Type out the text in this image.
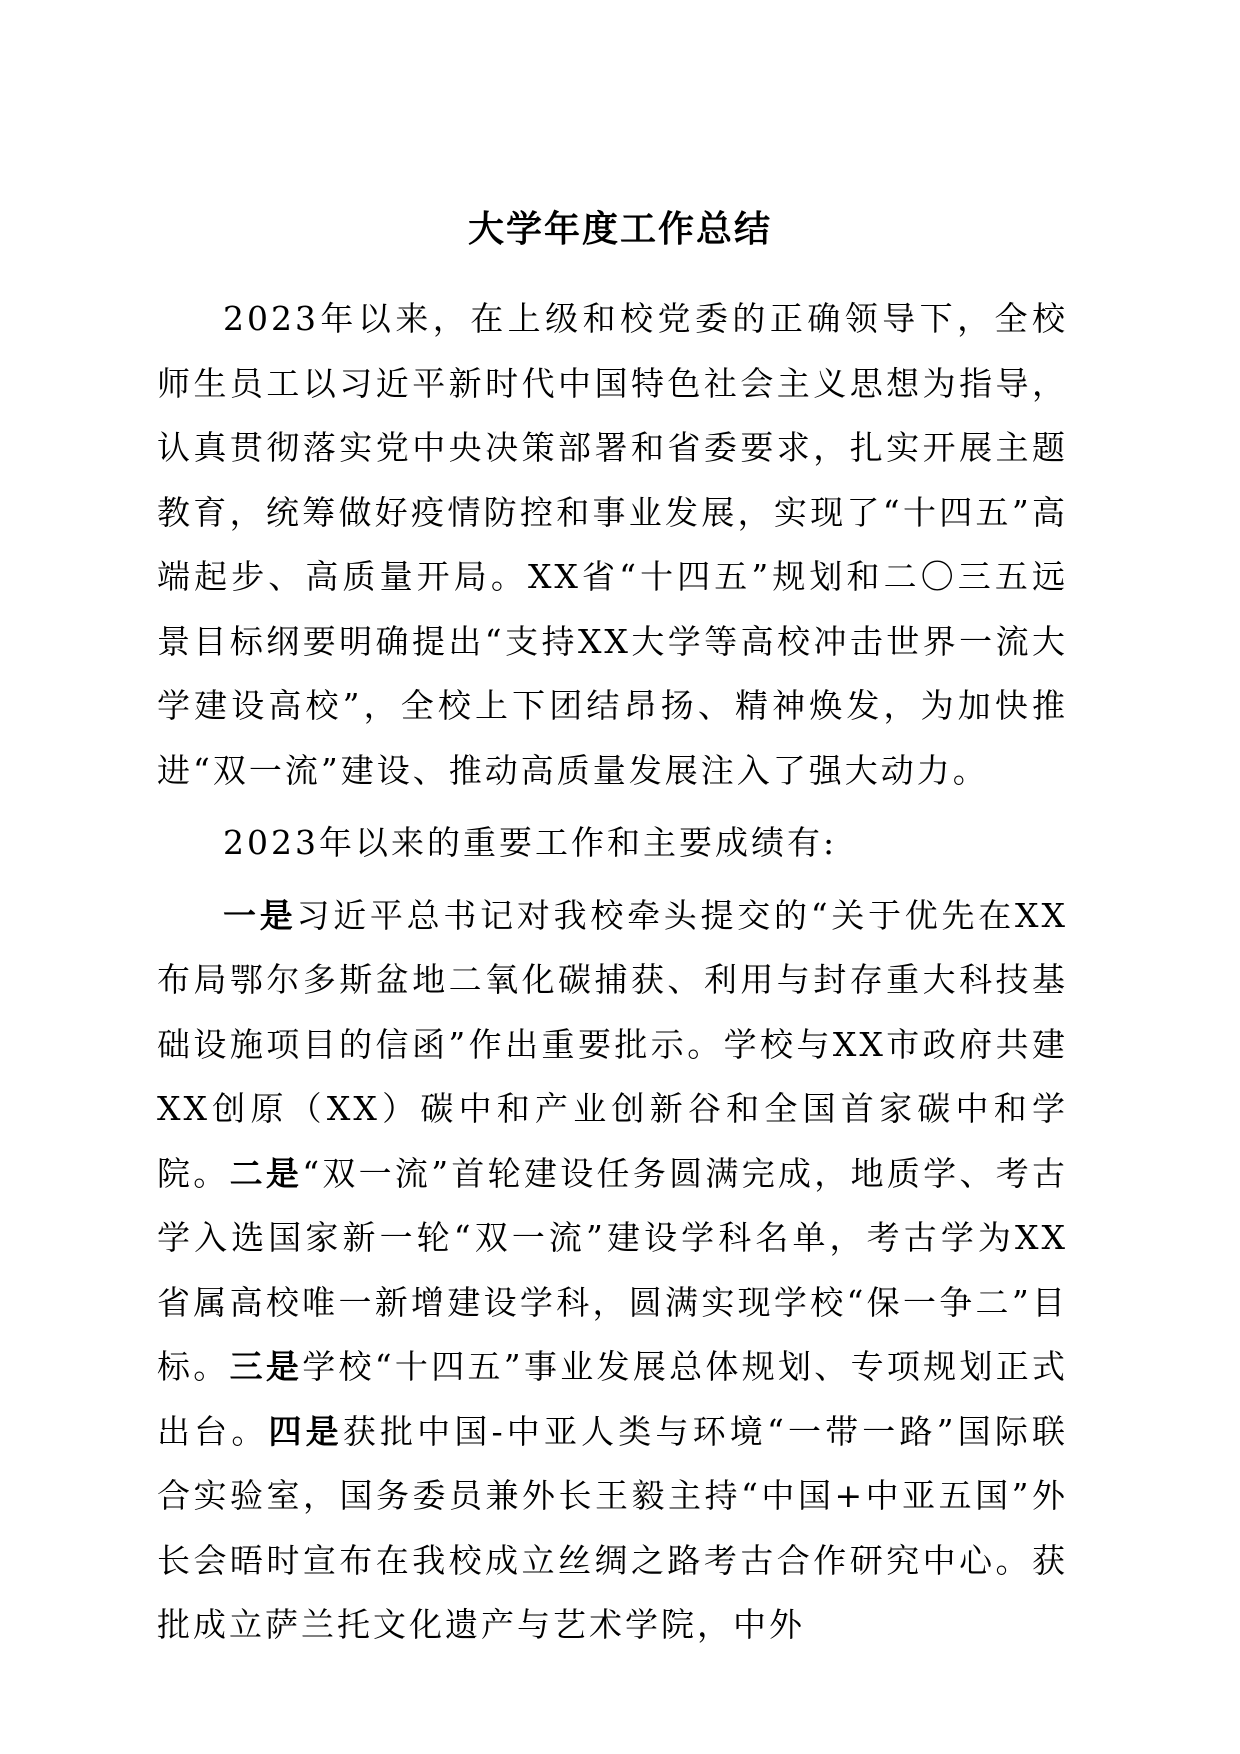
大学年度工作总结

2023年以来，在上级和校党委的正确领导下，全校师生员工以习近平新时代中国特色社会主义思想为指导，认真贯彻落实党中央决策部署和省委要求，扎实开展主题教育，统筹做好疫情防控和事业发展，实现了“十四五”高端起步、高质量开局。XX省“十四五”规划和二〇三五远景目标纲要明确提出“支持XX大学等高校冲击世界一流大学建设高校”，全校上下团结昂扬、精神焕发，为加快推进“双一流”建设、推动高质量发展注入了强大动力。

2023年以来的重要工作和主要成绩有:

一是习近平总书记对我校牵头提交的“关于优先在XX布局鄂尔多斯盆地二氧化碳捕获、利用与封存重大科技基础设施项目的信函”作出重要批示。学校与XX市政府共建XX创原（XX）碳中和产业创新谷和全国首家碳中和学院。二是“双一流”首轮建设任务圆满完成，地质学、考古学入选国家新一轮“双一流”建设学科名单，考古学为XX省属高校唯一新增建设学科，圆满实现学校“保一争二”目标。三是学校“十四五”事业发展总体规划、专项规划正式出台。四是获批中国-中亚人类与环境“一带一路”国际联合实验室，国务委员兼外长王毅主持“中国+中亚五国”外长会晤时宣布在我校成立丝绸之路考古合作研究中心。获批成立萨兰托文化遗产与艺术学院，中外
